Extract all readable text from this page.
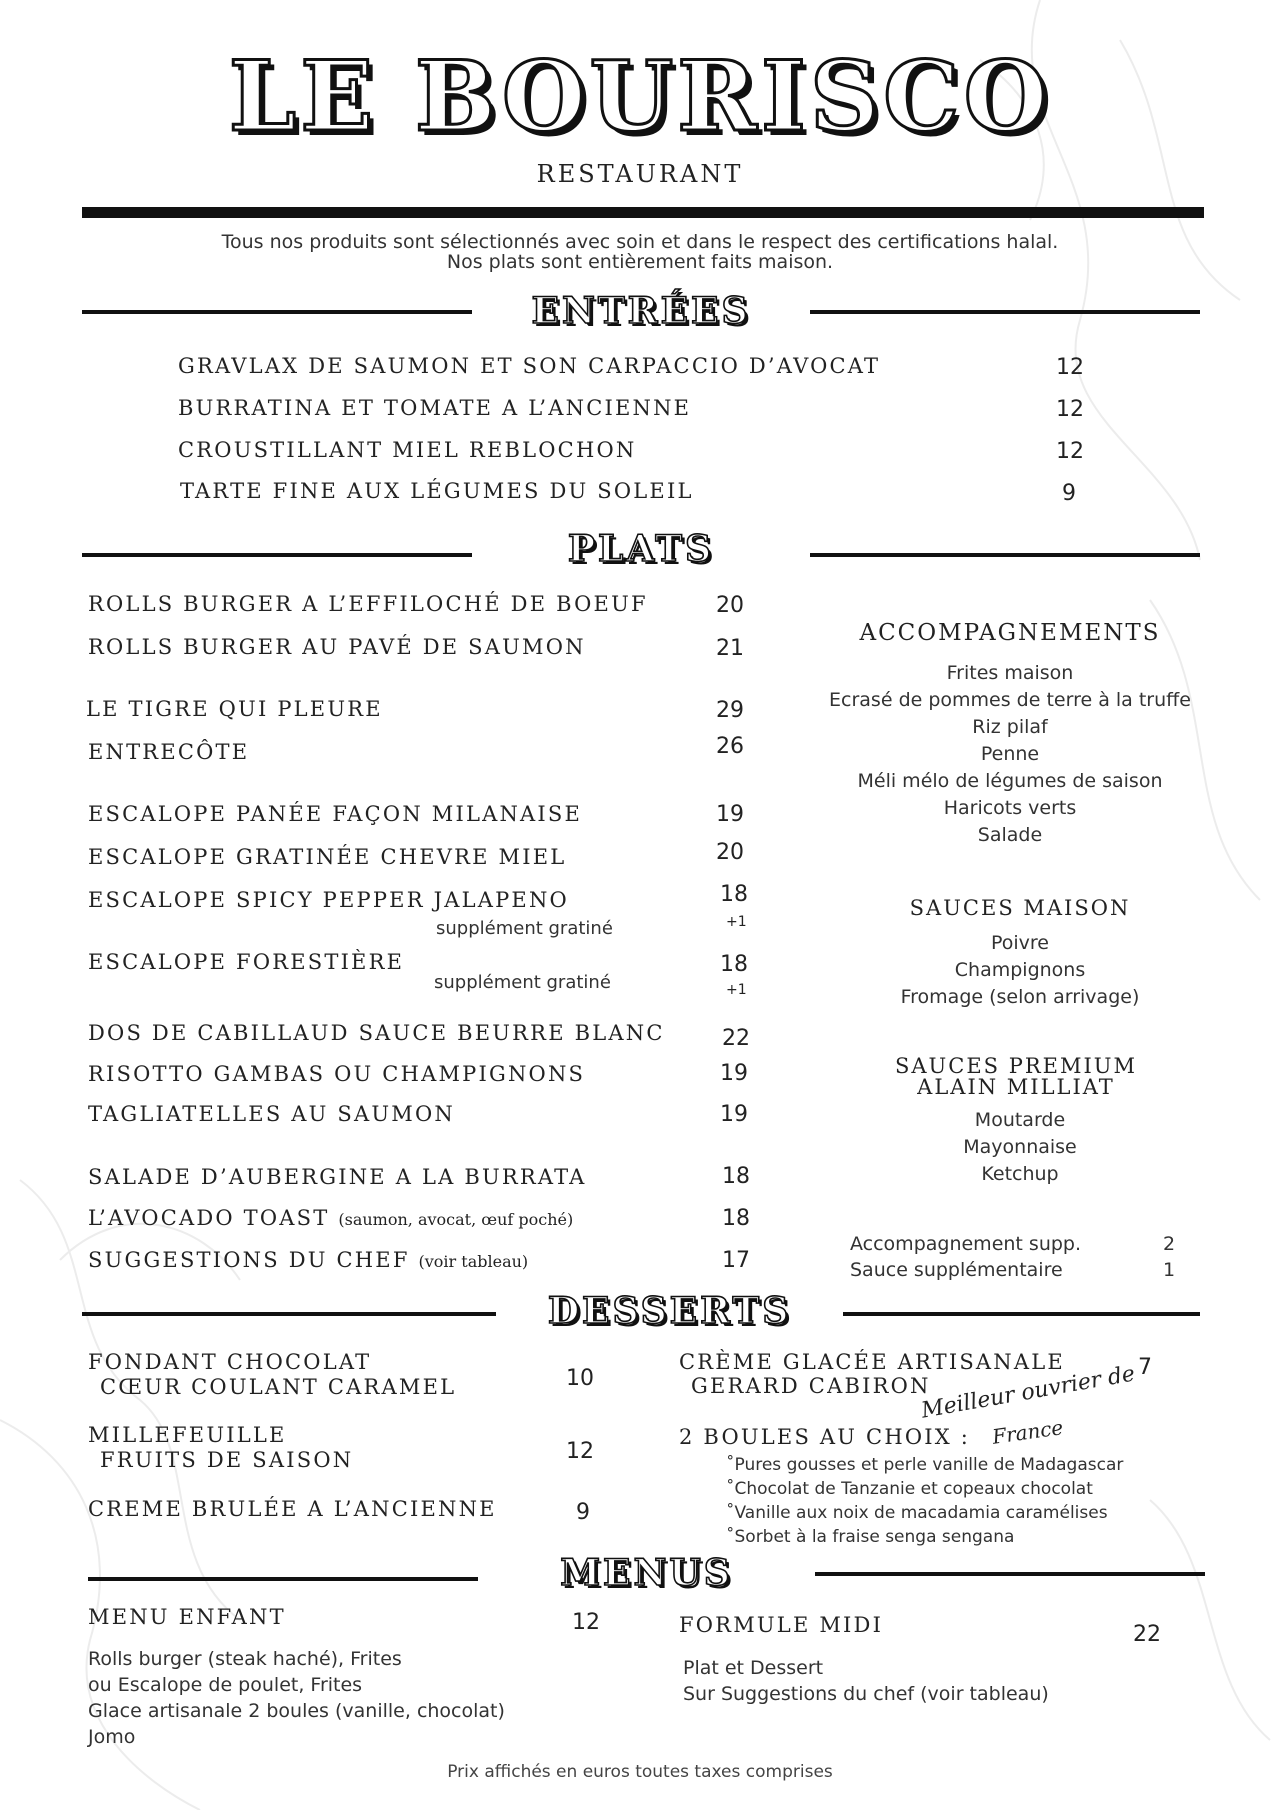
LE BOURISCO
RESTAURANT
Tous nos produits sont sélectionnés avec soin et dans le respect des certifications halal.
Nos plats sont entièrement faits maison.
ENTRÉES
GRAVLAX DE SAUMON ET SON CARPACCIO D’AVOCAT	12
BURRATINA ET TOMATE A L’ANCIENNE	12
CROUSTILLANT MIEL REBLOCHON	12
TARTE FINE AUX LÉGUMES DU SOLEIL	9
PLATS
ROLLS BURGER A L’EFFILOCHÉ DE BOEUF	20
ROLLS BURGER AU PAVÉ DE SAUMON	21
LE TIGRE QUI PLEURE	29
ENTRECÔTE	26
ESCALOPE PANÉE FAÇON MILANAISE	19
ESCALOPE GRATINÉE CHEVRE MIEL	20
ESCALOPE SPICY PEPPER JALAPENO	18
supplément gratiné	+1
ESCALOPE FORESTIÈRE	18
supplément gratiné	+1
DOS DE CABILLAUD SAUCE BEURRE BLANC	22
RISOTTO GAMBAS OU CHAMPIGNONS	19
TAGLIATELLES AU SAUMON	19
SALADE D’AUBERGINE A LA BURRATA	18
L’AVOCADO TOAST (saumon, avocat, œuf poché)	18
SUGGESTIONS DU CHEF (voir tableau)	17
ACCOMPAGNEMENTS
Frites maison
Ecrasé de pommes de terre à la truffe
Riz pilaf
Penne
Méli mélo de légumes de saison
Haricots verts
Salade
SAUCES MAISON
Poivre
Champignons
Fromage (selon arrivage)
SAUCES PREMIUM
ALAIN MILLIAT
Moutarde
Mayonnaise
Ketchup
Accompagnement supp.	2
Sauce supplémentaire	1
DESSERTS
FONDANT CHOCOLAT
CŒUR COULANT CARAMEL	10
MILLEFEUILLE
FRUITS DE SAISON	12
CREME BRULÉE A L’ANCIENNE	9
CRÈME GLACÉE ARTISANALE
GERARD CABIRON
7
Meilleur ouvrier de
France
2 BOULES AU CHOIX :
˚Pures gousses et perle vanille de Madagascar
˚Chocolat de Tanzanie et copeaux chocolat
˚Vanille aux noix de macadamia caramélises
˚Sorbet à la fraise senga sengana
MENUS
MENU ENFANT	12
Rolls burger (steak haché), Frites
ou Escalope de poulet, Frites
Glace artisanale 2 boules (vanille, chocolat)
Jomo
FORMULE MIDI	22
Plat et Dessert
Sur Suggestions du chef (voir tableau)
Prix affichés en euros toutes taxes comprises
